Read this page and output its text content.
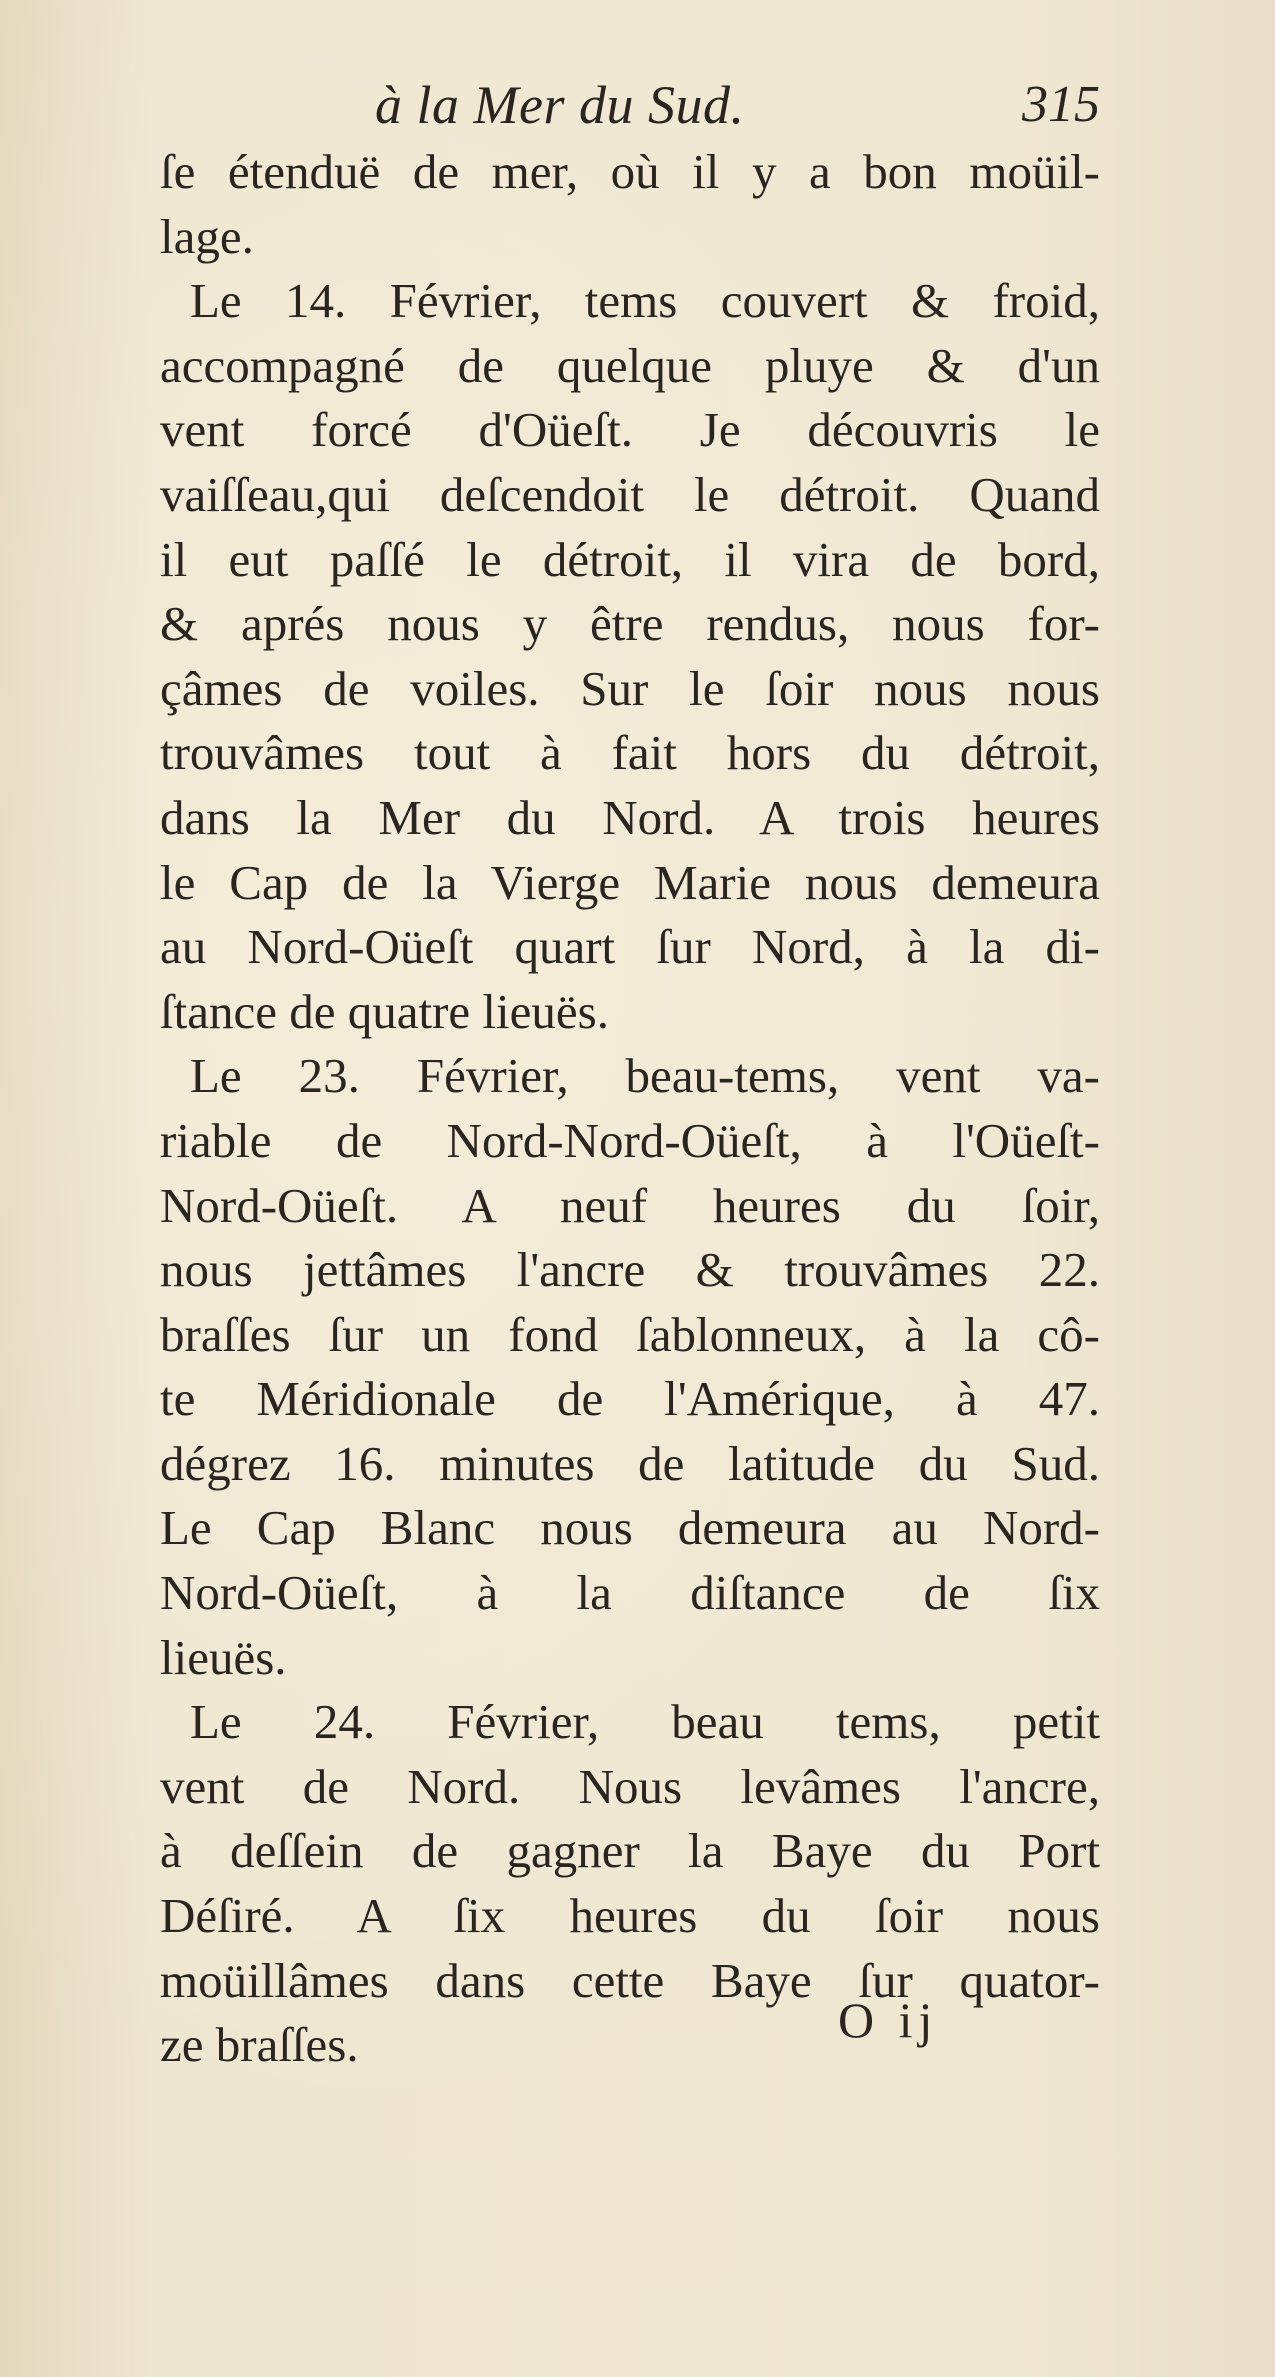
à la Mer du Sud.	315
ſe étenduë de mer, où il y a bon moüil-
lage.
Le 14. Février, tems couvert & froid,
accompagné de quelque pluye & d'un
vent forcé d'Oüeſt. Je découvris le
vaiſſeau,qui deſcendoit le détroit. Quand
il eut paſſé le détroit, il vira de bord,
& aprés nous y être rendus, nous for-
çâmes de voiles. Sur le ſoir nous nous
trouvâmes tout à fait hors du détroit,
dans la Mer du Nord. A trois heures
le Cap de la Vierge Marie nous demeura
au Nord-Oüeſt quart ſur Nord, à la di-
ſtance de quatre lieuës.
Le 23. Février, beau-tems, vent va-
riable de Nord-Nord-Oüeſt, à l'Oüeſt-
Nord-Oüeſt. A neuf heures du ſoir,
nous jettâmes l'ancre & trouvâmes 22.
braſſes ſur un fond ſablonneux, à la cô-
te Méridionale de l'Amérique, à 47.
dégrez 16. minutes de latitude du Sud.
Le Cap Blanc nous demeura au Nord-
Nord-Oüeſt, à la diſtance de ſix
lieuës.
Le 24. Février, beau tems, petit
vent de Nord. Nous levâmes l'ancre,
à deſſein de gagner la Baye du Port
Déſiré. A ſix heures du ſoir nous
moüillâmes dans cette Baye ſur quator-
ze braſſes.	O ij
